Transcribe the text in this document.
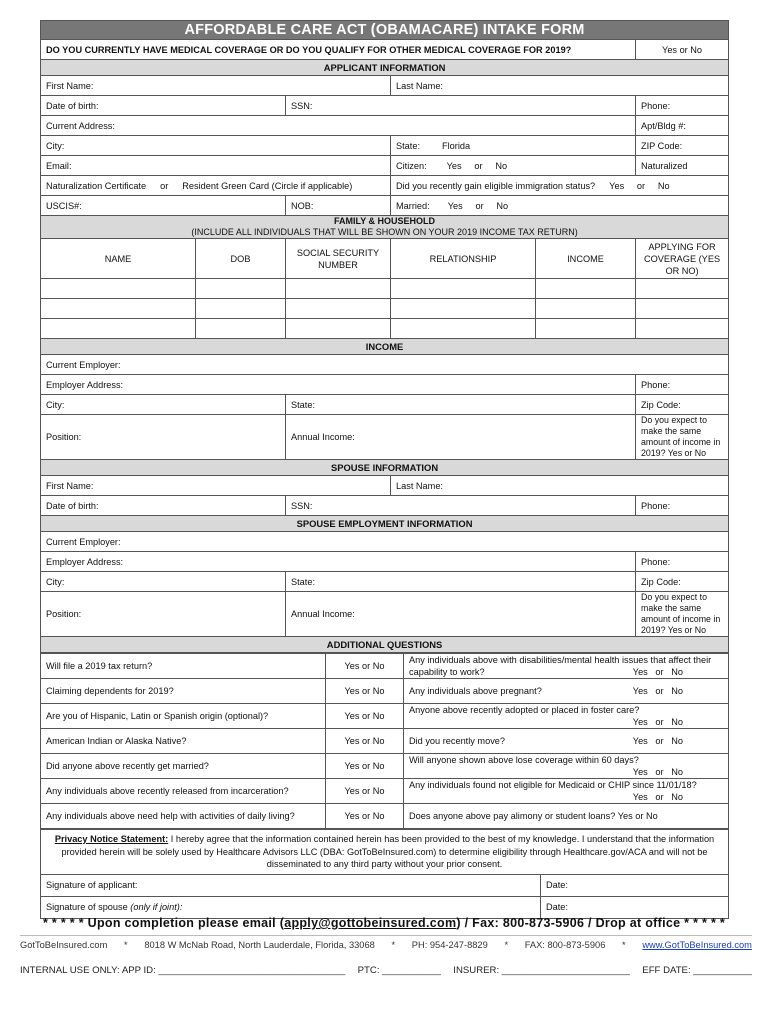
AFFORDABLE CARE ACT (OBAMACARE) INTAKE FORM					
DO YOU CURRENTLY HAVE MEDICAL COVERAGE OR DO YOU QUALIFY FOR OTHER MEDICAL COVERAGE FOR 2019?					Yes or No
APPLICANT INFORMATION					
First Name:			Last Name:		
Date of birth:		SSN:			Phone:
Current Address:					Apt/Bldg #:
City:			State: Florida		ZIP Code:
Email:			Citizen: Yes     or     No		Naturalized
Naturalization Certificate or Resident Green Card (Circle if applicable)			Did you recently gain eligible immigration status? Yes     or     No		
USCIS#:		NOB:	Married: Yes     or     No		
FAMILY & HOUSEHOLD
(INCLUDE ALL INDIVIDUALS THAT WILL BE SHOWN ON YOUR 2019 INCOME TAX RETURN)					
NAME	DOB	SOCIAL SECURITY NUMBER	RELATIONSHIP	INCOME	APPLYING FOR COVERAGE (YES OR NO)

INCOME					
Current Employer:					
Employer Address:					Phone:
City:		State:			Zip Code:
Position:		Annual Income:			Do you expect to make the same amount of income in 2019? Yes or No
SPOUSE INFORMATION					
First Name:			Last Name:		
Date of birth:		SSN:			Phone:
SPOUSE EMPLOYMENT INFORMATION					
Current Employer:					
Employer Address:					Phone:
City:		State:			Zip Code:
Position:		Annual Income:			Do you expect to make the same amount of income in 2019? Yes or No
ADDITIONAL QUESTIONS					
Will file a 2019 tax return?	Yes or No	Any individuals above with disabilities/mental health issues that affect their capability to work? Yes   or   No

Claiming dependents for 2019?	Yes or No	Any individuals above pregnant? Yes   or   No

Are you of Hispanic, Latin or Spanish origin (optional)?	Yes or No	Anyone above recently adopted or placed in foster care?
Yes   or   No

American Indian or Alaska Native?	Yes or No	Did you recently move? Yes   or   No

Did anyone above recently get married?	Yes or No	Will anyone shown above lose coverage within 60 days?
Yes   or   No

Any individuals above recently released from incarceration?	Yes or No	Any individuals found not eligible for Medicaid or CHIP since 11/01/18?
Yes   or   No

Any individuals above need help with activities of daily living?	Yes or No	Does anyone above pay alimony or student loans? Yes or No
Privacy Notice Statement: I hereby agree that the information contained herein has been provided to the best of my knowledge. I understand that the information provided herein will be solely used by Healthcare Advisors LLC (DBA: GotToBeInsured.com) to determine eligibility through Healthcare.gov/ACA and will not be disseminated to any third party without your prior consent.	
Signature of applicant:	Date:
Signature of spouse (only if joint):	Date:
* * * * * Upon completion please email (apply@gottobeinsured.com) / Fax: 800-873-5906 / Drop at office * * * * *
GotToBeInsured.com * 8018 W McNab Road, North Lauderdale, Florida, 33068 * PH: 954-247-8829 * FAX: 800-873-5906 * www.GotToBeInsured.com
INTERNAL USE ONLY: APP ID: ___________________________________ PTC: ___________ INSURER: ________________________ EFF DATE: ___________
